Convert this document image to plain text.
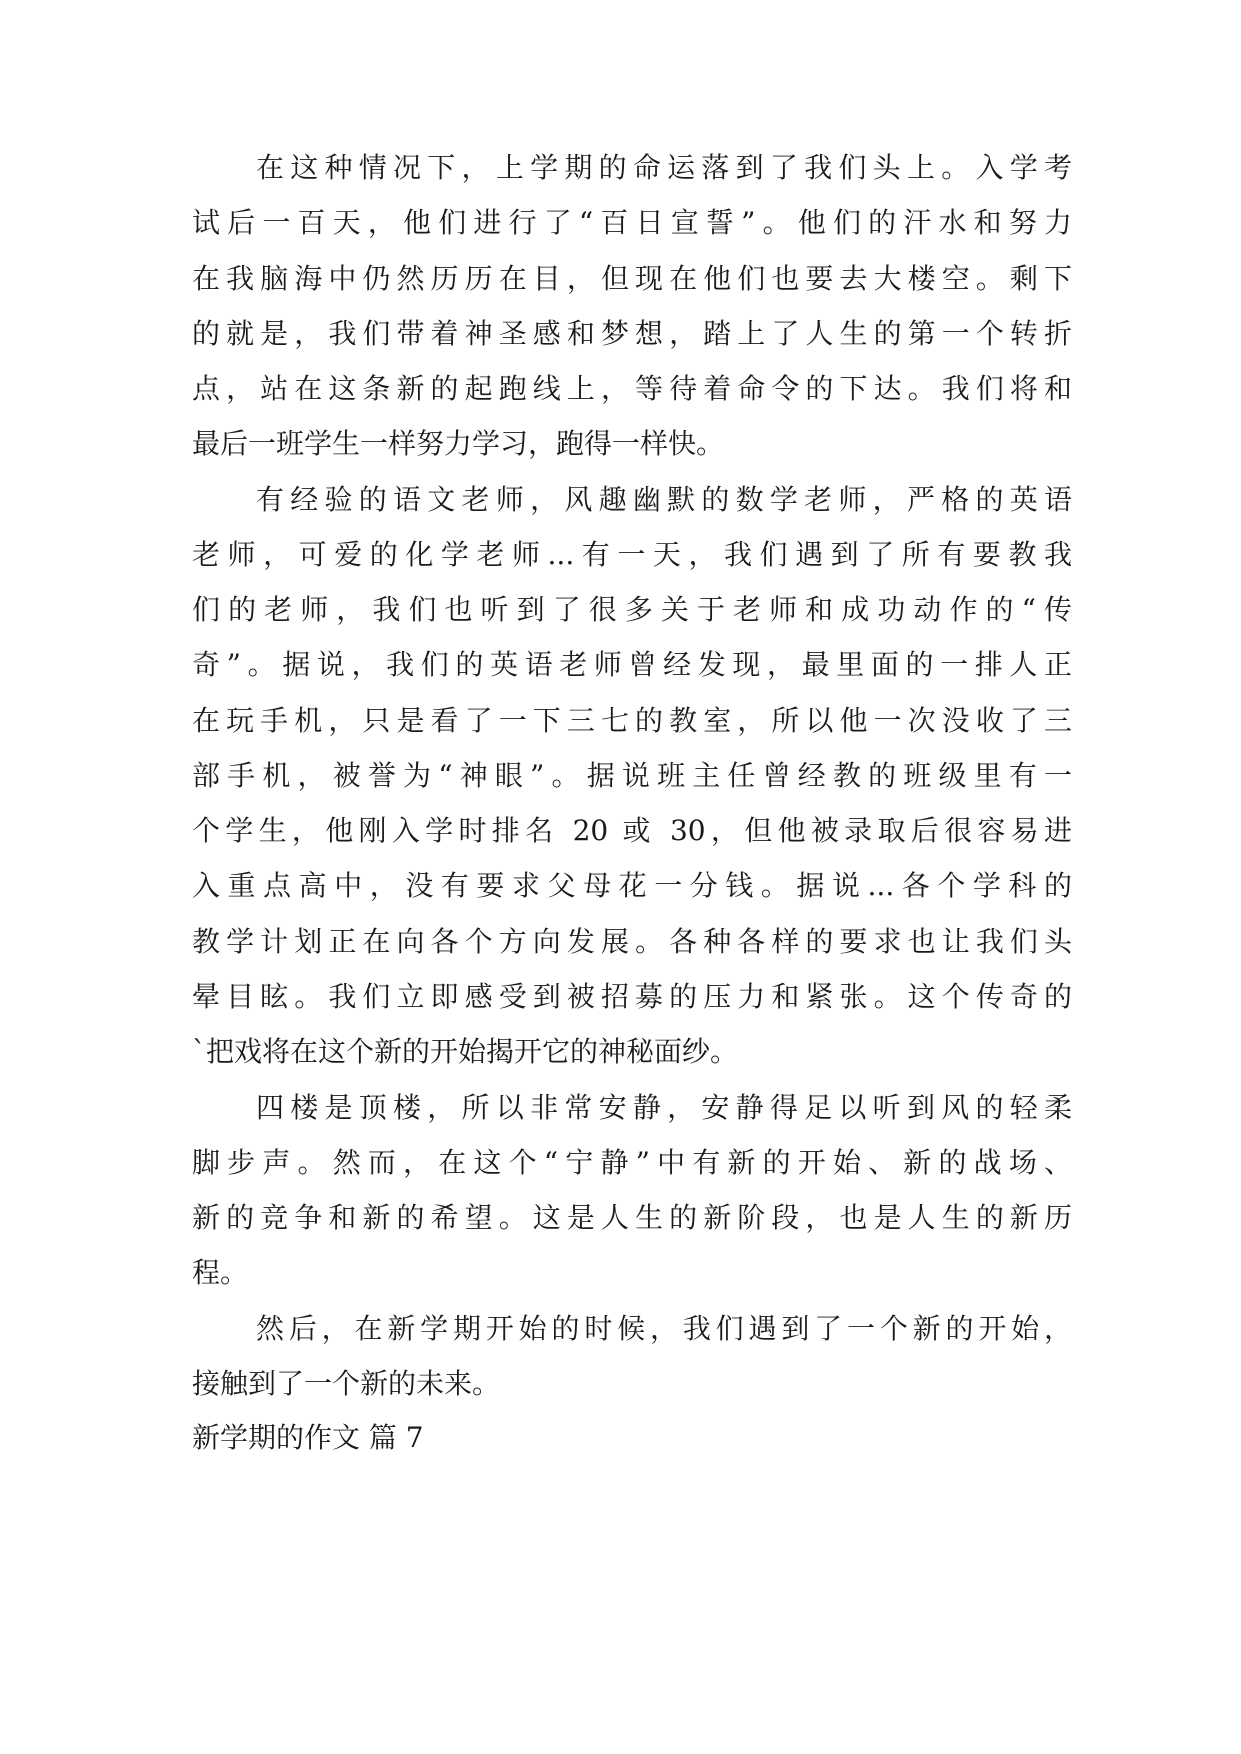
在这种情况下，上学期的命运落到了我们头上。入学考
试后一百天，他们进行了“百日宣誓”。他们的汗水和努力
在我脑海中仍然历历在目，但现在他们也要去大楼空。剩下
的就是，我们带着神圣感和梦想，踏上了人生的第一个转折
点，站在这条新的起跑线上，等待着命令的下达。我们将和
最后一班学生一样努力学习，跑得一样快。
有经验的语文老师，风趣幽默的数学老师，严格的英语
老师，可爱的化学老师...有一天，我们遇到了所有要教我
们的老师，我们也听到了很多关于老师和成功动作的“传
奇”。据说，我们的英语老师曾经发现，最里面的一排人正
在玩手机，只是看了一下三七的教室，所以他一次没收了三
部手机，被誉为“神眼”。据说班主任曾经教的班级里有一
个学生，他刚入学时排名 20 或 30，但他被录取后很容易进
入重点高中，没有要求父母花一分钱。据说...各个学科的
教学计划正在向各个方向发展。各种各样的要求也让我们头
晕目眩。我们立即感受到被招募的压力和紧张。这个传奇的
`把戏将在这个新的开始揭开它的神秘面纱。
四楼是顶楼，所以非常安静，安静得足以听到风的轻柔
脚步声。然而，在这个“宁静”中有新的开始、新的战场、
新的竞争和新的希望。这是人生的新阶段，也是人生的新历
程。
然后，在新学期开始的时候，我们遇到了一个新的开始，
接触到了一个新的未来。
新学期的作文 篇 7
